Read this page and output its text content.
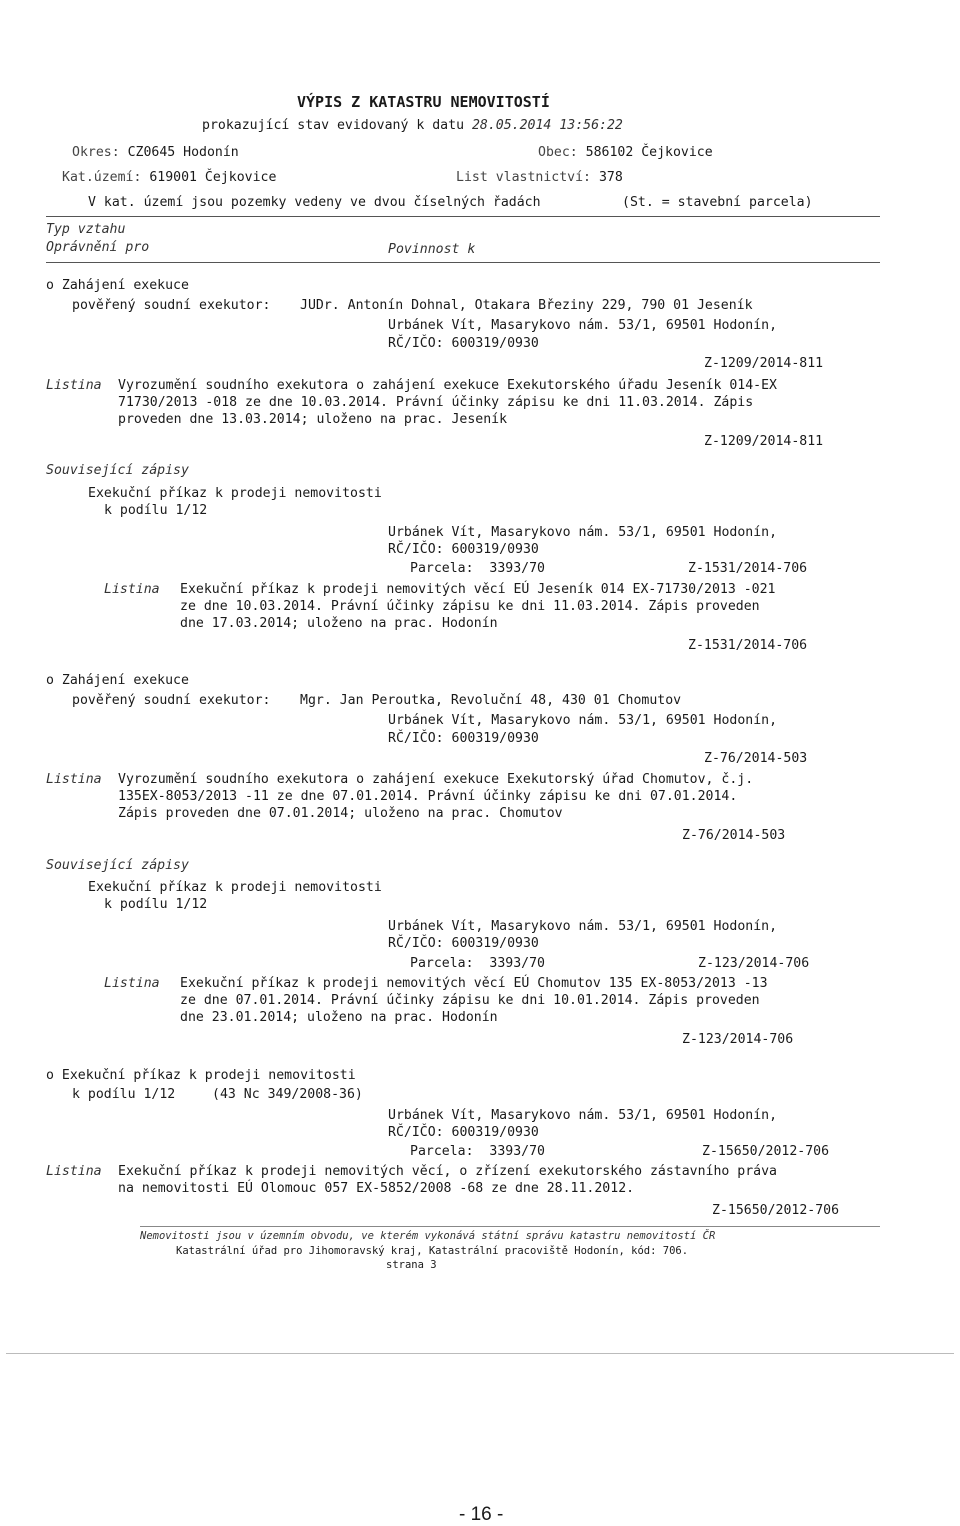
VÝPIS Z KATASTRU NEMOVITOSTÍ
prokazující stav evidovaný k datu 28.05.2014 13:56:22
Okres: CZ0645 Hodonín	Obec: 586102 Čejkovice
Kat.území: 619001 Čejkovice	List vlastnictví: 378
V kat. území jsou pozemky vedeny ve dvou číselných řadách	(St. = stavební parcela)
Typ vztahu
Oprávnění pro	Povinnost k
o Zahájení exekuce
pověřený soudní exekutor: JUDr. Antonín Dohnal, Otakara Březiny 229, 790 01 Jeseník
Urbánek Vít, Masarykovo nám. 53/1, 69501 Hodonín,
RČ/IČO: 600319/0930
Z-1209/2014-811
Listina Vyrozumění soudního exekutora o zahájení exekuce Exekutorského úřadu Jeseník 014-EX
71730/2013 -018 ze dne 10.03.2014. Právní účinky zápisu ke dni 11.03.2014. Zápis
proveden dne 13.03.2014; uloženo na prac. Jeseník
Z-1209/2014-811
Související zápisy
Exekuční příkaz k prodeji nemovitosti
k podílu 1/12
Urbánek Vít, Masarykovo nám. 53/1, 69501 Hodonín,
RČ/IČO: 600319/0930
Parcela: 3393/70	Z-1531/2014-706
Listina Exekuční příkaz k prodeji nemovitých věcí EÚ Jeseník 014 EX-71730/2013 -021
ze dne 10.03.2014. Právní účinky zápisu ke dni 11.03.2014. Zápis proveden
dne 17.03.2014; uloženo na prac. Hodonín
Z-1531/2014-706
o Zahájení exekuce
pověřený soudní exekutor: Mgr. Jan Peroutka, Revoluční 48, 430 01 Chomutov
Urbánek Vít, Masarykovo nám. 53/1, 69501 Hodonín,
RČ/IČO: 600319/0930
Z-76/2014-503
Listina Vyrozumění soudního exekutora o zahájení exekuce Exekutorský úřad Chomutov, č.j.
135EX-8053/2013 -11 ze dne 07.01.2014. Právní účinky zápisu ke dni 07.01.2014.
Zápis proveden dne 07.01.2014; uloženo na prac. Chomutov
Z-76/2014-503
Související zápisy
Exekuční příkaz k prodeji nemovitosti
k podílu 1/12
Urbánek Vít, Masarykovo nám. 53/1, 69501 Hodonín,
RČ/IČO: 600319/0930
Parcela: 3393/70	Z-123/2014-706
Listina Exekuční příkaz k prodeji nemovitých věcí EÚ Chomutov 135 EX-8053/2013 -13
ze dne 07.01.2014. Právní účinky zápisu ke dni 10.01.2014. Zápis proveden
dne 23.01.2014; uloženo na prac. Hodonín
Z-123/2014-706
o Exekuční příkaz k prodeji nemovitosti
k podílu 1/12	(43 Nc 349/2008-36)
Urbánek Vít, Masarykovo nám. 53/1, 69501 Hodonín,
RČ/IČO: 600319/0930
Parcela: 3393/70	Z-15650/2012-706
Listina Exekuční příkaz k prodeji nemovitých věcí, o zřízení exekutorského zástavního práva
na nemovitosti EÚ Olomouc 057 EX-5852/2008 -68 ze dne 28.11.2012.
Z-15650/2012-706
Nemovitosti jsou v územním obvodu, ve kterém vykonává státní správu katastru nemovitostí ČR
Katastrální úřad pro Jihomoravský kraj, Katastrální pracoviště Hodonín, kód: 706.
strana 3
- 16 -
